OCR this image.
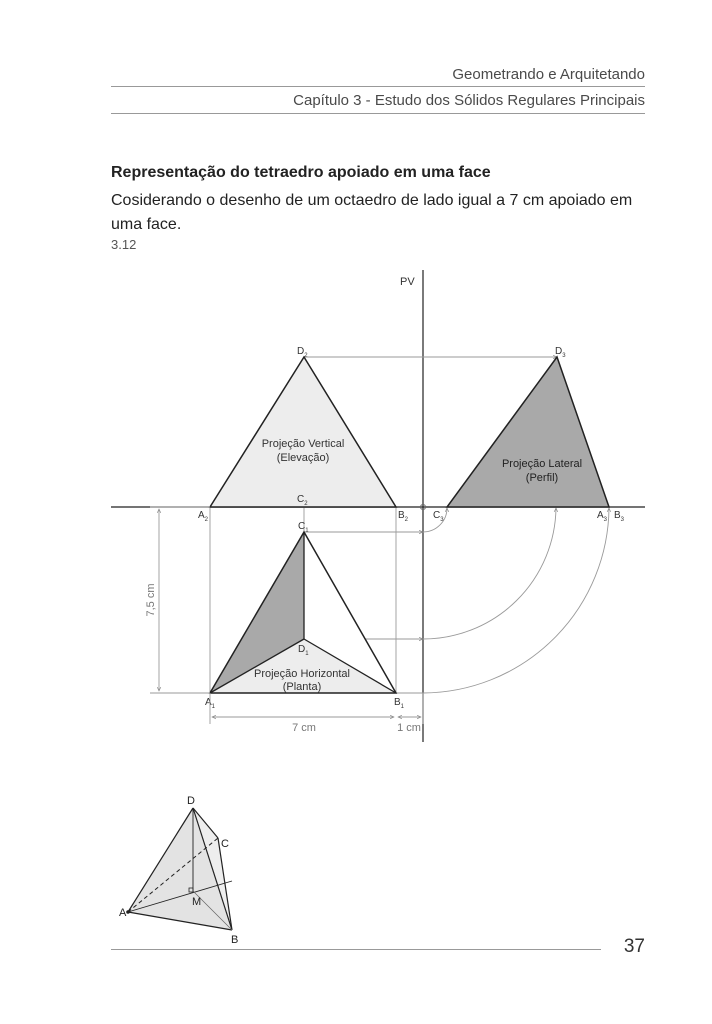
Geometrando e Arquitetando
Capítulo 3 - Estudo dos Sólidos Regulares Principais
Representação do tetraedro apoiado em uma face
Cosiderando o desenho de um octaedro de lado igual a 7 cm apoiado em uma face.
3.12
PV
Projeção Vertical
(Elevação)
$D_2$
$C_2$
$A_2$	$B_2$
Projeção Lateral
(Perfil)
$D_3$
$C_3$	$A_3$ $B_3$
Projeção Horizontal
(Planta)
$C_1$
$D_1$
$A_1$	$B_1$
7,5 cm
7 cm	1 cm
D
C
M
A
B	37
